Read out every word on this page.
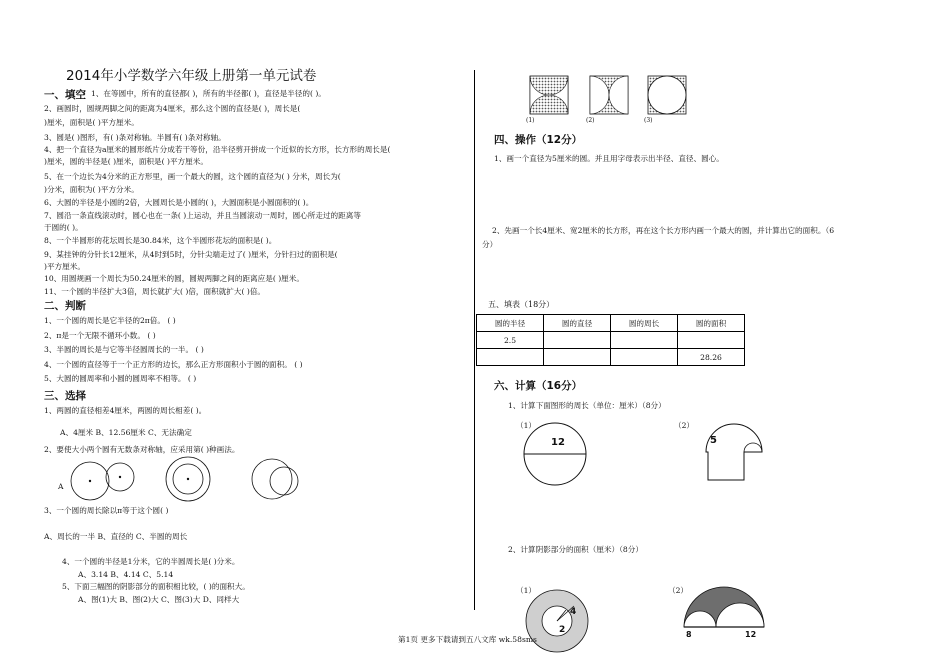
2014年小学数学六年级上册第一单元试卷
一、填空 1、在等圆中，所有的直径都( )，所有的半径都( )，直径是半径的( )。
2、画圆时，圆规两脚之间的距离为4厘米，那么这个圆的直径是( )，周长是(
)厘米，面积是( )平方厘米。
3、圆是( )图形，有( )条对称轴。半圆有( )条对称轴。
4、把一个直径为a厘米的圆形纸片分成若干等份，沿半径剪开拼成一个近似的长方形，长方形的周长是(
)厘米，圆的半径是( )厘米，面积是( )平方厘米。
5、在一个边长为4分米的正方形里，画一个最大的圆，这个圆的直径为( ) 分米，周长为(
)分米，面积为( )平方分米。
6、大圆的半径是小圆的2倍，大圆周长是小圆的( )，大圆面积是小圆面积的( )。
7、圆沿一条直线滚动时，圆心也在一条( )上运动，并且当圆滚动一周时，圆心所走过的距离等
于圆的( )。
8、一个半圆形的花坛周长是30.84米，这个半圆形花坛的面积是( )。
9、某挂钟的分针长12厘米，从4时到5时，分针尖端走过了( )厘米，分针扫过的面积是(
)平方厘米。
10、用圆规画一个周长为50.24厘米的圆，圆规两脚之间的距离应是( )厘米。
11、一个圆的半径扩大3倍，周长就扩大( )倍，面积就扩大( )倍。
二、判断
1、一个圆的周长是它半径的2π倍。 ( )
2、π是一个无限不循环小数。 ( )
3、半圆的周长是与它等半径圆周长的一半。 ( )
4、一个圆的直径等于一个正方形的边长，那么正方形面积小于圆的面积。 ( )
5、大圆的圆周率和小圆的圆周率不相等。 ( )
三、选择
1、两圆的直径相差4厘米，两圆的周长相差( )。
A、4厘米 B、12.56厘米 C、无法确定
2、要使大小两个圆有无数条对称轴，应采用第( )种画法。
A
3、一个圆的周长除以π等于这个圆( )
A、周长的一半 B、直径的 C、半圆的周长
4、一个圆的半径是1分米，它的半圆周长是( )分米。
A、3.14 B、4.14 C、5.14
5、下面三幅图的阴影部分的面积相比较，( )的面积大。
A、图(1)大 B、图(2)大 C、图(3)大 D、同样大
(1)	(2)	(3)
四、操作（12分）
1、画一个直径为5厘米的圆。并且用字母表示出半径、直径、圆心。
2、先画一个长4厘米、宽2厘米的长方形，再在这个长方形内画一个最大的圆，并计算出它的面积。（6
分）
五、填表（18分）
六、计算（16分）
1、计算下面图形的周长（单位：厘米）（8分）
（1）	（2）
2、计算阴影部分的面积（厘米）（8分）
（1）	（2）
圆的半径	圆的直径	圆的周长	圆的面积
2.5			
			28.26
12	5
4
2	8	12
第1页 更多下载请到五八文库 wk.58sms
